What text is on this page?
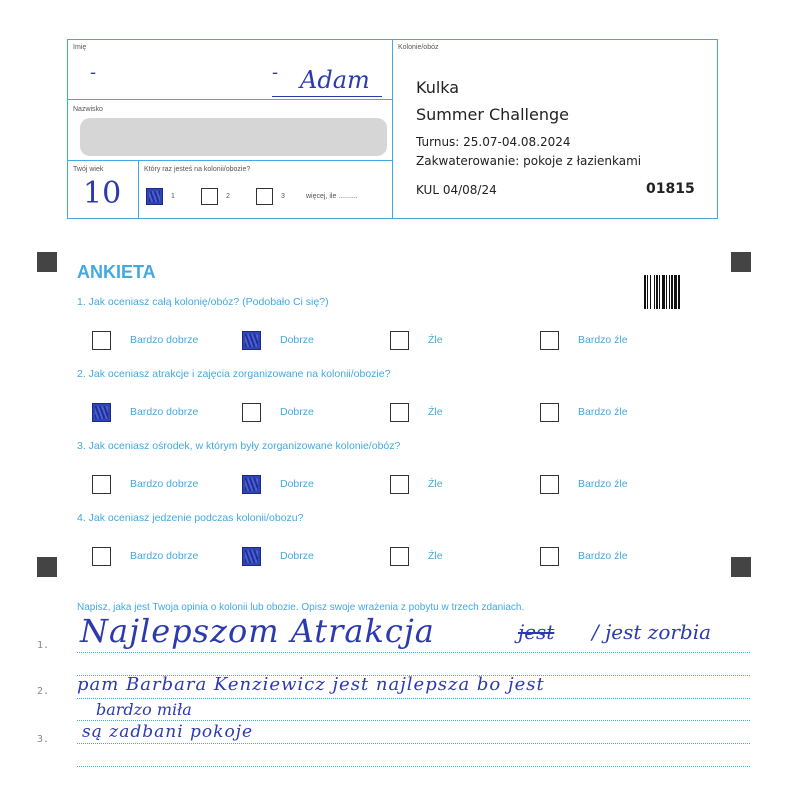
Imię
Adam
-	-
Nazwisko
Twój wiek
10
Który raz jesteś na kolonii/obozie?
1	2	3	więcej, ile ..........
Kolonie/obóz
Kulka
Summer Challenge
Turnus: 25.07-04.08.2024
Zakwaterowanie: pokoje z łazienkami
KUL 04/08/24	01815
ANKIETA
1. Jak oceniasz całą kolonię/obóz? (Podobało Ci się?)
Bardzo dobrze	Dobrze	Źle	Bardzo źle
2. Jak oceniasz atrakcje i zajęcia zorganizowane na kolonii/obozie?
Bardzo dobrze	Dobrze	Źle	Bardzo źle
3. Jak oceniasz ośrodek, w którym były zorganizowane kolonie/obóz?
Bardzo dobrze	Dobrze	Źle	Bardzo źle
4. Jak oceniasz jedzenie podczas kolonii/obozu?
Bardzo dobrze	Dobrze	Źle	Bardzo źle
Napisz, jaka jest Twoja opinia o kolonii lub obozie. Opisz swoje wrażenia z pobytu w trzech zdaniach.
1.
2.
3.
Najlepszom Atrakcja	jest / jest zorbia
pam Barbara Kenziewicz jest najlepsza bo jest
bardzo miła
są zadbani pokoje
